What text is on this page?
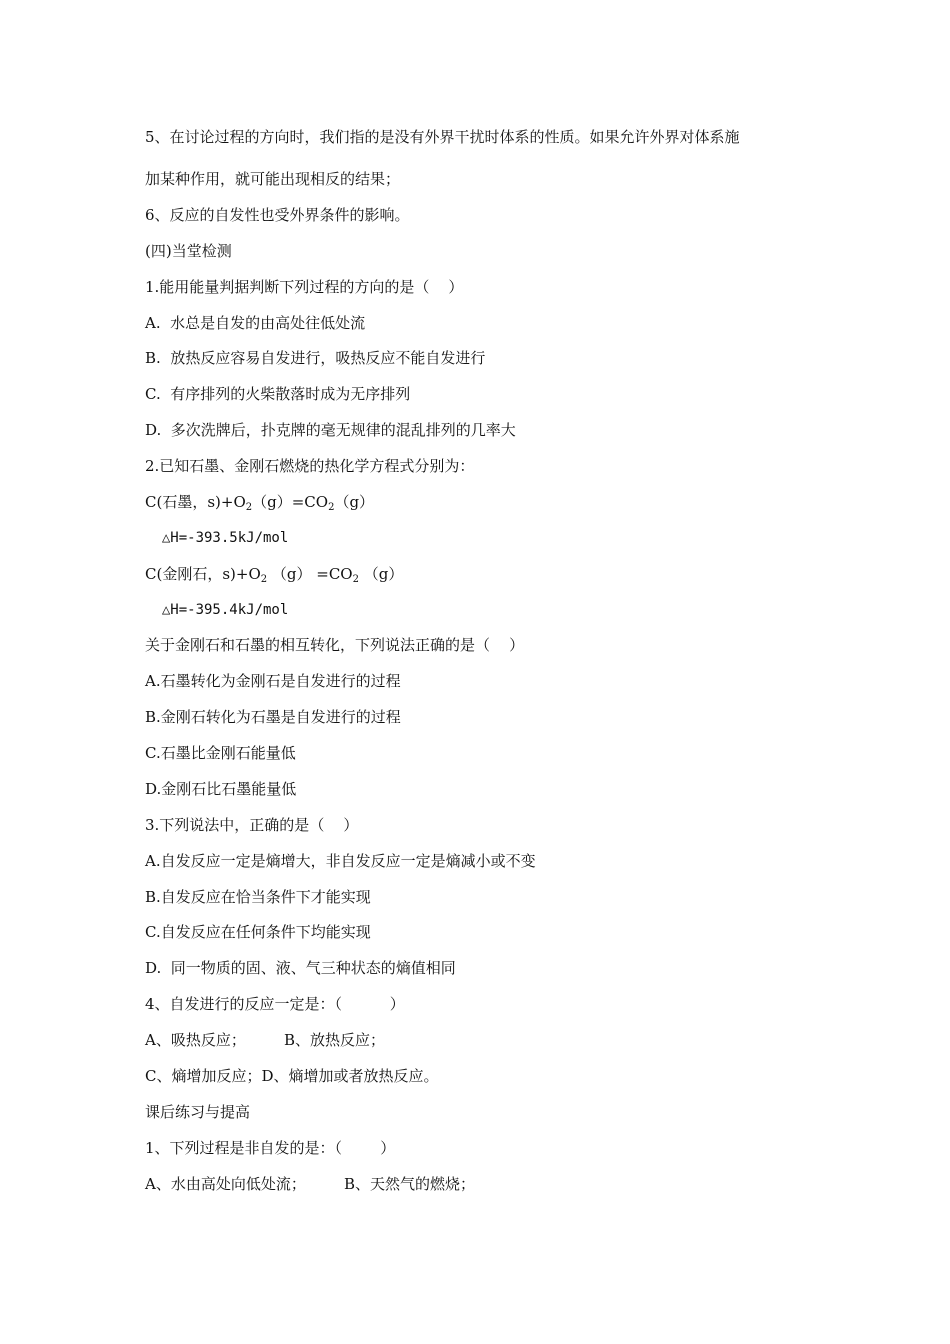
5、在讨论过程的方向时，我们指的是没有外界干扰时体系的性质。如果允许外界对体系施
加某种作用，就可能出现相反的结果；
6、反应的自发性也受外界条件的影响。
(四)当堂检测
1.能用能量判据判断下列过程的方向的是（    ）
A.  水总是自发的由高处往低处流
B.  放热反应容易自发进行，吸热反应不能自发进行
C.  有序排列的火柴散落时成为无序排列
D.  多次洗牌后，扑克牌的毫无规律的混乱排列的几率大
2.已知石墨、金刚石燃烧的热化学方程式分别为：
C(石墨，$s)+O_2(g)=CO_2(g)$
△H=-393.5kJ/mol
C(金刚石，$s)+O_2$ $(g) =CO_2$ （g）
△H=-395.4kJ/mol
关于金刚石和石墨的相互转化，下列说法正确的是（    ）
A.石墨转化为金刚石是自发进行的过程
B.金刚石转化为石墨是自发进行的过程
C.石墨比金刚石能量低
D.金刚石比石墨能量低
3.下列说法中，正确的是（    ）
A.自发反应一定是熵增大，非自发反应一定是熵减小或不变
B.自发反应在恰当条件下才能实现
C.自发反应在任何条件下均能实现
D.  同一物质的固、液、气三种状态的熵值相同
4、自发进行的反应一定是：（          ）
A、吸热反应；        B、放热反应；
C、熵增加反应；D、熵增加或者放热反应。
课后练习与提高
1、下列过程是非自发的是：（        ）
A、水由高处向低处流；        B、天然气的燃烧；
